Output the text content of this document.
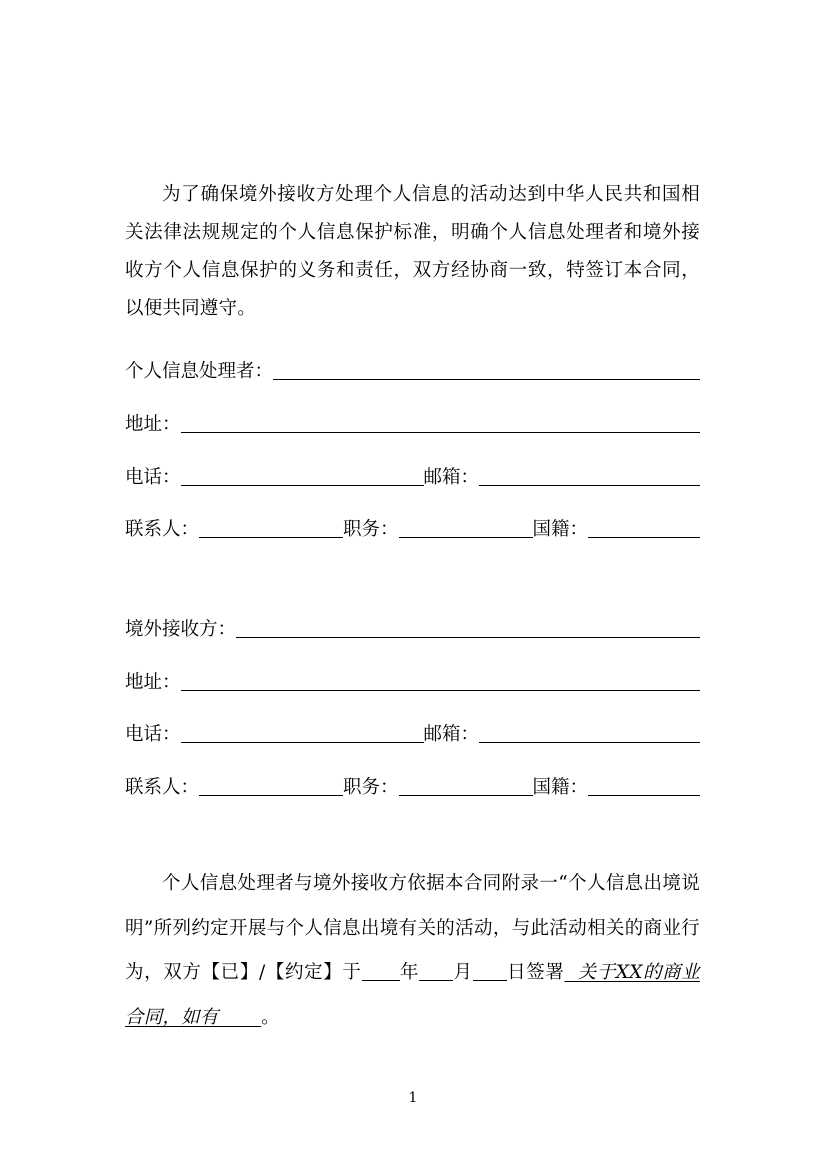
为了确保境外接收方处理个人信息的活动达到中华人民共和国相关法律法规规定的个人信息保护标准，明确个人信息处理者和境外接收方个人信息保护的义务和责任，双方经协商一致，特签订本合同，以便共同遵守。

个人信息处理者：
地址：
电话：	邮箱：
联系人：	职务：	国籍：
境外接收方：
地址：
电话：	邮箱：
联系人：	职务：	国籍：

个人信息处理者与境外接收方依据本合同附录一“个人信息出境说明”所列约定开展与个人信息出境有关的活动，与此活动相关的商业行为，双方【已】/【约定】于 年 月 日签署 关于XX的商业合同，如有 。

1
